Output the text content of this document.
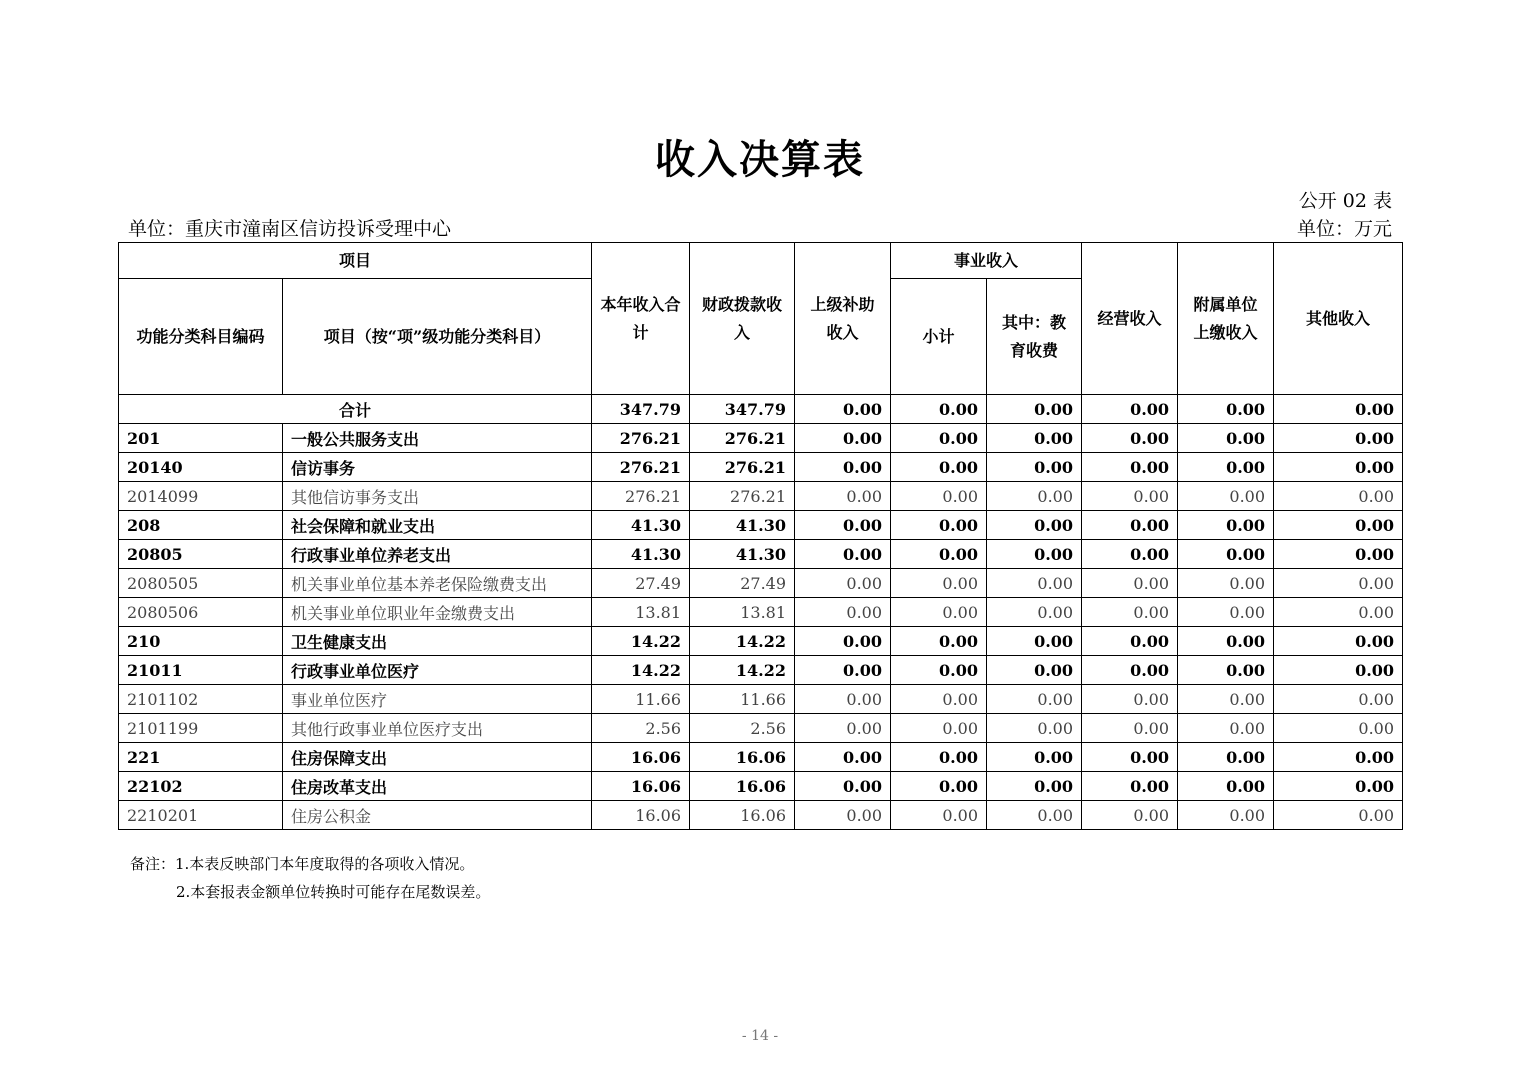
收入决算表
公开 02 表
单位：重庆市潼南区信访投诉受理中心	单位：万元
项目		本年收入合计	财政拨款收入	上级补助收入	事业收入		经营收入	附属单位上缴收入	其他收入
功能分类科目编码	项目（按“项”级功能分类科目）				小计	其中：教育收费			
合计		347.79	347.79	0.00	0.00	0.00	0.00	0.00	0.00
201	一般公共服务支出	276.21	276.21	0.00	0.00	0.00	0.00	0.00	0.00
20140	信访事务	276.21	276.21	0.00	0.00	0.00	0.00	0.00	0.00
2014099	其他信访事务支出	276.21	276.21	0.00	0.00	0.00	0.00	0.00	0.00
208	社会保障和就业支出	41.30	41.30	0.00	0.00	0.00	0.00	0.00	0.00
20805	行政事业单位养老支出	41.30	41.30	0.00	0.00	0.00	0.00	0.00	0.00
2080505	机关事业单位基本养老保险缴费支出	27.49	27.49	0.00	0.00	0.00	0.00	0.00	0.00
2080506	机关事业单位职业年金缴费支出	13.81	13.81	0.00	0.00	0.00	0.00	0.00	0.00
210	卫生健康支出	14.22	14.22	0.00	0.00	0.00	0.00	0.00	0.00
21011	行政事业单位医疗	14.22	14.22	0.00	0.00	0.00	0.00	0.00	0.00
2101102	事业单位医疗	11.66	11.66	0.00	0.00	0.00	0.00	0.00	0.00
2101199	其他行政事业单位医疗支出	2.56	2.56	0.00	0.00	0.00	0.00	0.00	0.00
221	住房保障支出	16.06	16.06	0.00	0.00	0.00	0.00	0.00	0.00
22102	住房改革支出	16.06	16.06	0.00	0.00	0.00	0.00	0.00	0.00
2210201	住房公积金	16.06	16.06	0.00	0.00	0.00	0.00	0.00	0.00
备注：1.本表反映部门本年度取得的各项收入情况。
2.本套报表金额单位转换时可能存在尾数误差。
- 14 -
